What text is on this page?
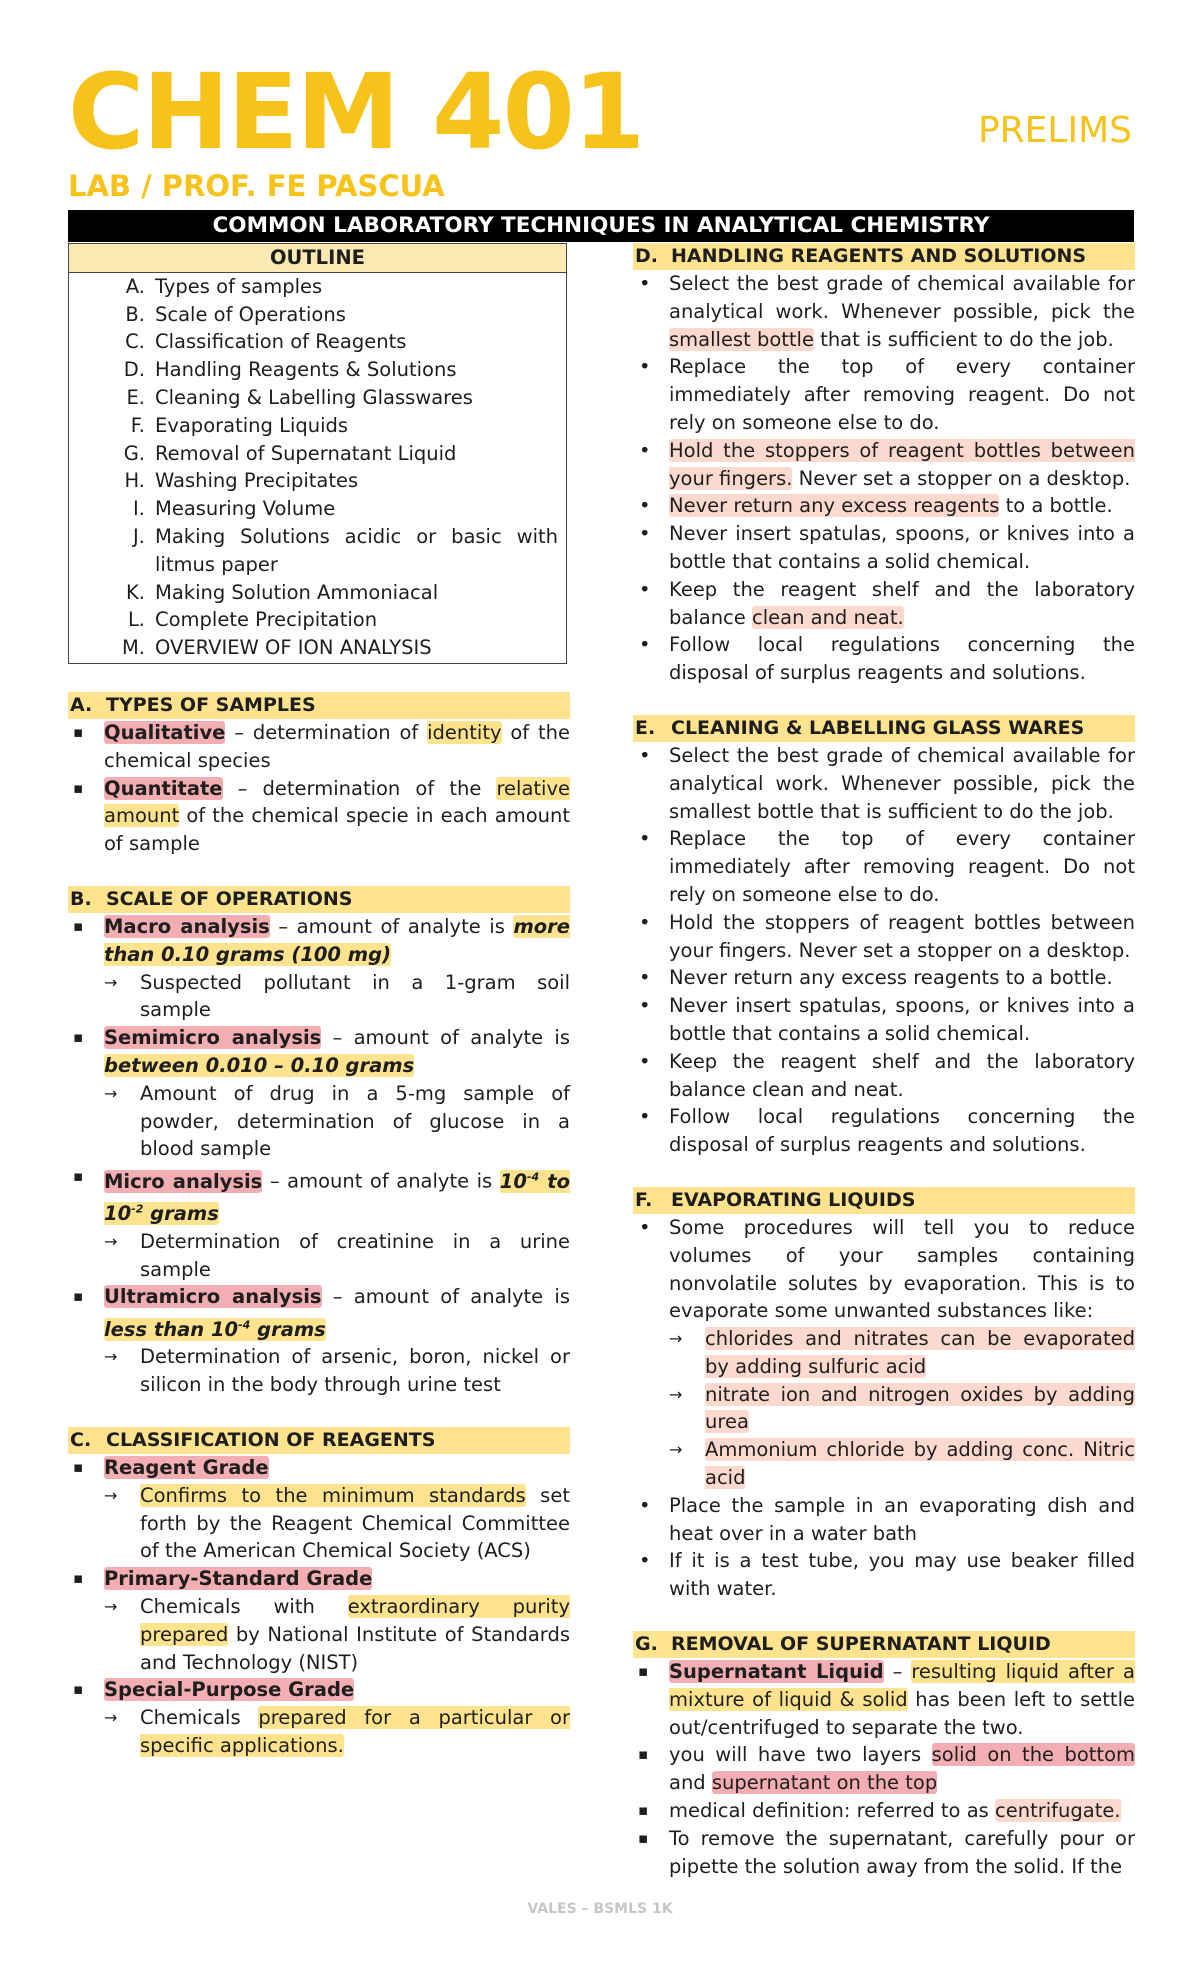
CHEM 401	PRELIMS
LAB / PROF. FE PASCUA
COMMON LABORATORY TECHNIQUES IN ANALYTICAL CHEMISTRY
OUTLINE
A. Types of samples
B. Scale of Operations
C. Classification of Reagents
D. Handling Reagents & Solutions
E. Cleaning & Labelling Glasswares
F. Evaporating Liquids
G. Removal of Supernatant Liquid
H. Washing Precipitates
I. Measuring Volume
J. Making Solutions acidic or basic with litmus paper
K. Making Solution Ammoniacal
L. Complete Precipitation
M. OVERVIEW OF ION ANALYSIS
A. TYPES OF SAMPLES
▪ Qualitative – determination of identity of the chemical species
▪ Quantitate – determination of the relative amount of the chemical specie in each amount of sample
B. SCALE OF OPERATIONS
▪ Macro analysis – amount of analyte is more than 0.10 grams (100 mg)
→ Suspected pollutant in a 1-gram soil sample
▪ Semimicro analysis – amount of analyte is between 0.010 – 0.10 grams
→ Amount of drug in a 5-mg sample of powder, determination of glucose in a blood sample
▪ Micro analysis – amount of analyte is $10^{-4}$ to $10^{-2}$ grams
→ Determination of creatinine in a urine sample
▪ Ultramicro analysis – amount of analyte is less than $10^{-4}$ grams
→ Determination of arsenic, boron, nickel or silicon in the body through urine test
C. CLASSIFICATION OF REAGENTS
▪ Reagent Grade
→ Confirms to the minimum standards set forth by the Reagent Chemical Committee of the American Chemical Society (ACS)
▪ Primary-Standard Grade
→ Chemicals with extraordinary purity prepared by National Institute of Standards and Technology (NIST)
▪ Special-Purpose Grade
→ Chemicals prepared for a particular or specific applications.
D. HANDLING REAGENTS AND SOLUTIONS
• Select the best grade of chemical available for analytical work. Whenever possible, pick the smallest bottle that is sufficient to do the job.
• Replace the top of every container immediately after removing reagent. Do not rely on someone else to do.
• Hold the stoppers of reagent bottles between your fingers. Never set a stopper on a desktop.
• Never return any excess reagents to a bottle.
• Never insert spatulas, spoons, or knives into a bottle that contains a solid chemical.
• Keep the reagent shelf and the laboratory balance clean and neat.
• Follow local regulations concerning the disposal of surplus reagents and solutions.
E. CLEANING & LABELLING GLASS WARES
• Select the best grade of chemical available for analytical work. Whenever possible, pick the smallest bottle that is sufficient to do the job.
• Replace the top of every container immediately after removing reagent. Do not rely on someone else to do.
• Hold the stoppers of reagent bottles between your fingers. Never set a stopper on a desktop.
• Never return any excess reagents to a bottle.
• Never insert spatulas, spoons, or knives into a bottle that contains a solid chemical.
• Keep the reagent shelf and the laboratory balance clean and neat.
• Follow local regulations concerning the disposal of surplus reagents and solutions.
F. EVAPORATING LIQUIDS
• Some procedures will tell you to reduce volumes of your samples containing nonvolatile solutes by evaporation. This is to evaporate some unwanted substances like:
→ chlorides and nitrates can be evaporated by adding sulfuric acid
→ nitrate ion and nitrogen oxides by adding urea
→ Ammonium chloride by adding conc. Nitric acid
• Place the sample in an evaporating dish and heat over in a water bath
• If it is a test tube, you may use beaker filled with water.
G. REMOVAL OF SUPERNATANT LIQUID
▪ Supernatant Liquid – resulting liquid after a mixture of liquid & solid has been left to settle out/centrifuged to separate the two.
▪ you will have two layers solid on the bottom and supernatant on the top
▪ medical definition: referred to as centrifugate.
▪ To remove the supernatant, carefully pour or pipette the solution away from the solid. If the
VALES – BSMLS 1K
